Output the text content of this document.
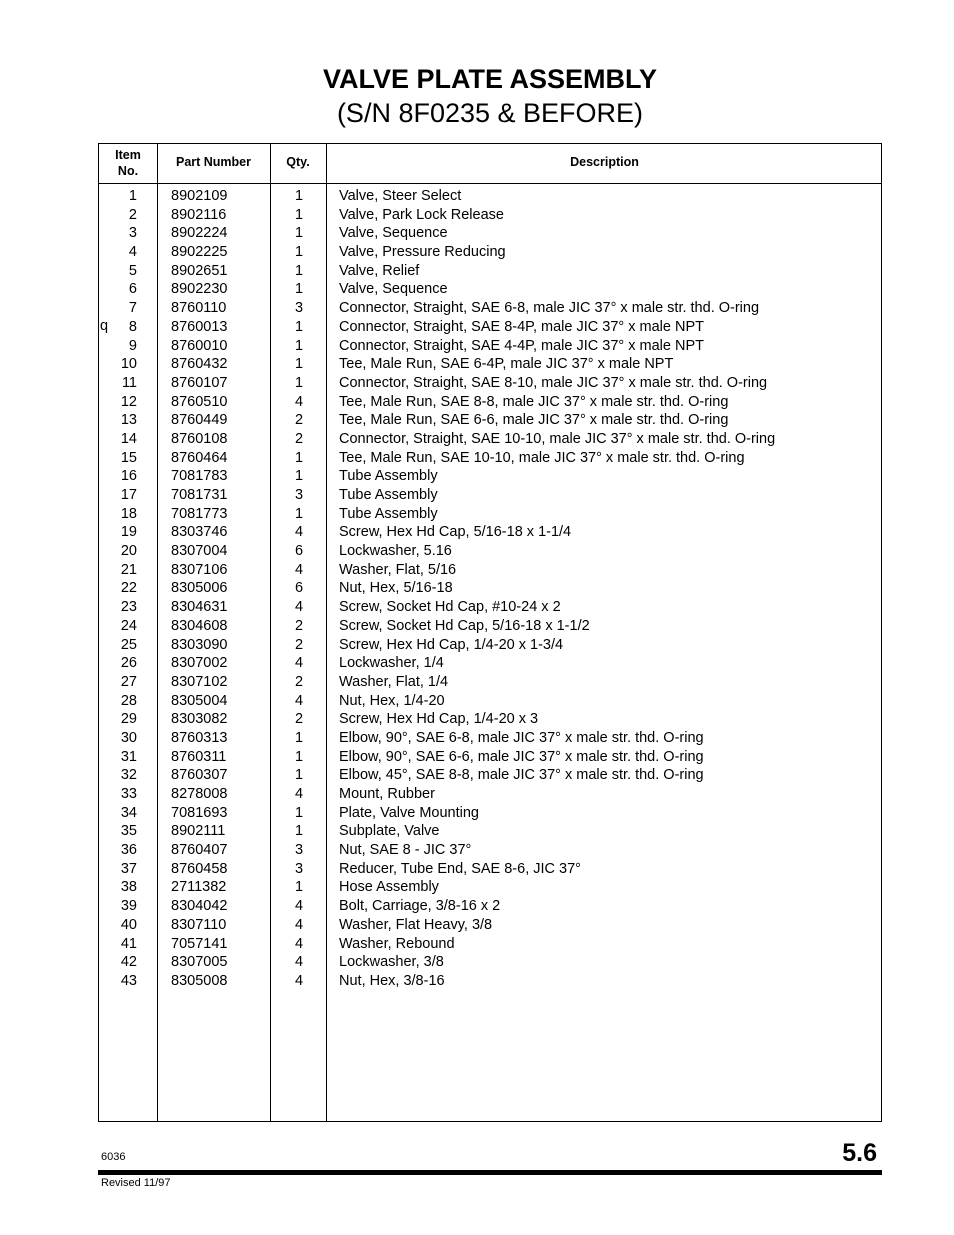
VALVE PLATE ASSEMBLY
(S/N 8F0235 & BEFORE)
q
Item
No.
Part Number	Qty.	Description
1 8902109	1	Valve, Steer Select
2 8902116	1	Valve, Park Lock Release
3 8902224	1	Valve, Sequence
4 8902225	1	Valve, Pressure Reducing
5 8902651	1	Valve, Relief
6 8902230	1	Valve, Sequence
7 8760110	3	Connector, Straight, SAE 6-8, male JIC 37° x male str. thd. O-ring
8 8760013	1	Connector, Straight, SAE 8-4P, male JIC 37° x male NPT
9 8760010	1	Connector, Straight, SAE 4-4P, male JIC 37° x male NPT
10 8760432	1	Tee, Male Run, SAE 6-4P, male JIC 37° x male NPT
11 8760107	1	Connector, Straight, SAE 8-10, male JIC 37° x male str. thd. O-ring
12 8760510	4	Tee, Male Run, SAE 8-8, male JIC 37° x male str. thd. O-ring
13 8760449	2	Tee, Male Run, SAE 6-6, male JIC 37° x male str. thd. O-ring
14 8760108	2	Connector, Straight, SAE 10-10, male JIC 37° x male str. thd. O-ring
15 8760464	1	Tee, Male Run, SAE 10-10, male JIC 37° x male str. thd. O-ring
16 7081783	1	Tube Assembly
17 7081731	3	Tube Assembly
18 7081773	1	Tube Assembly
19 8303746	4	Screw, Hex Hd Cap, 5/16-18 x 1-1/4
20 8307004	6	Lockwasher, 5.16
21 8307106	4	Washer, Flat, 5/16
22 8305006	6	Nut, Hex, 5/16-18
23 8304631	4	Screw, Socket Hd Cap, #10-24 x 2
24 8304608	2	Screw, Socket Hd Cap, 5/16-18 x 1-1/2
25 8303090	2	Screw, Hex Hd Cap, 1/4-20 x 1-3/4
26 8307002	4	Lockwasher, 1/4
27 8307102	2	Washer, Flat, 1/4
28 8305004	4	Nut, Hex, 1/4-20
29 8303082	2	Screw, Hex Hd Cap, 1/4-20 x 3
30 8760313	1	Elbow, 90°, SAE 6-8, male JIC 37° x male str. thd. O-ring
31 8760311	1	Elbow, 90°, SAE 6-6, male JIC 37° x male str. thd. O-ring
32 8760307	1	Elbow, 45°, SAE 8-8, male JIC 37° x male str. thd. O-ring
33 8278008	4	Mount, Rubber
34 7081693	1	Plate, Valve Mounting
35 8902111	1	Subplate, Valve
36 8760407	3	Nut, SAE 8 - JIC 37°
37 8760458	3	Reducer, Tube End, SAE 8-6, JIC 37°
38 2711382	1	Hose Assembly
39 8304042	4	Bolt, Carriage, 3/8-16 x 2
40 8307110	4	Washer, Flat Heavy, 3/8
41 7057141	4	Washer, Rebound
42 8307005	4	Lockwasher, 3/8
43 8305008	4	Nut, Hex, 3/8-16
6036	5.6
Revised 11/97
